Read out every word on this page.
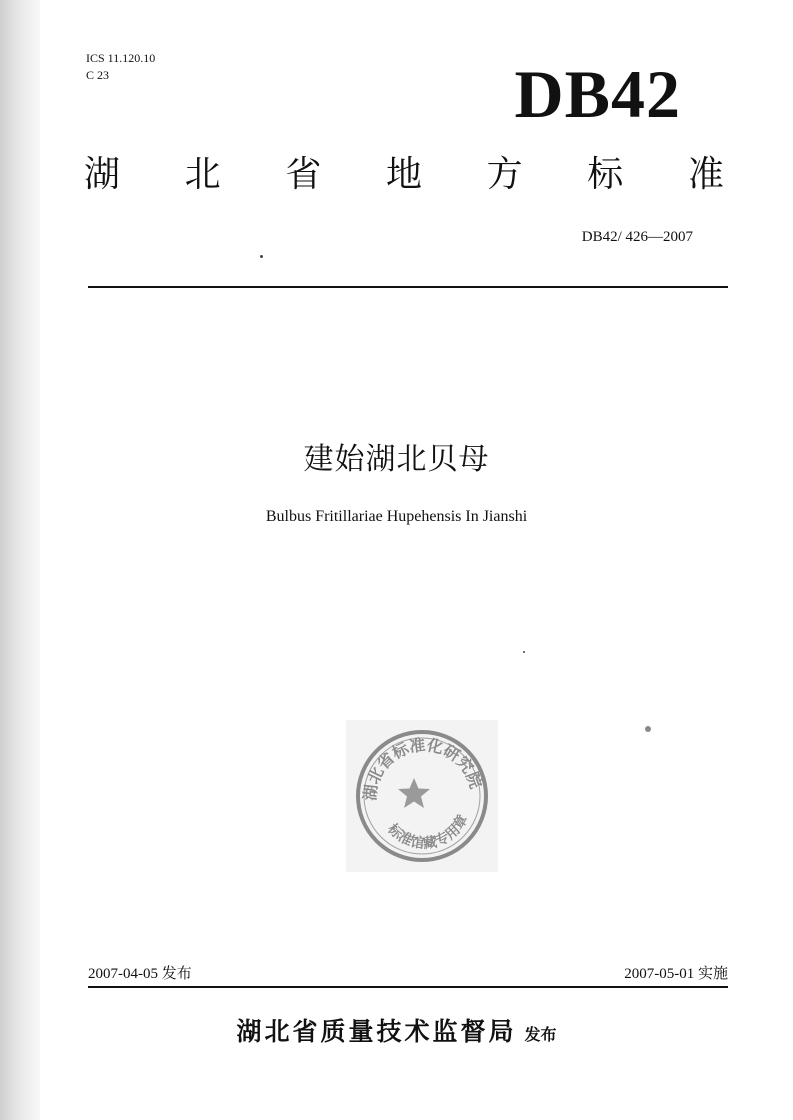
ICS 11.120.10
C 23	DB42
湖 北 省 地 方 标 准
DB42/ 426—2007
建始湖北贝母
Bulbus Fritillariae Hupehensis In Jianshi
湖北省标准化研究院
标准馆藏专用章
2007-04-05 发布	2007-05-01 实施
湖北省质量技术监督局 发布
